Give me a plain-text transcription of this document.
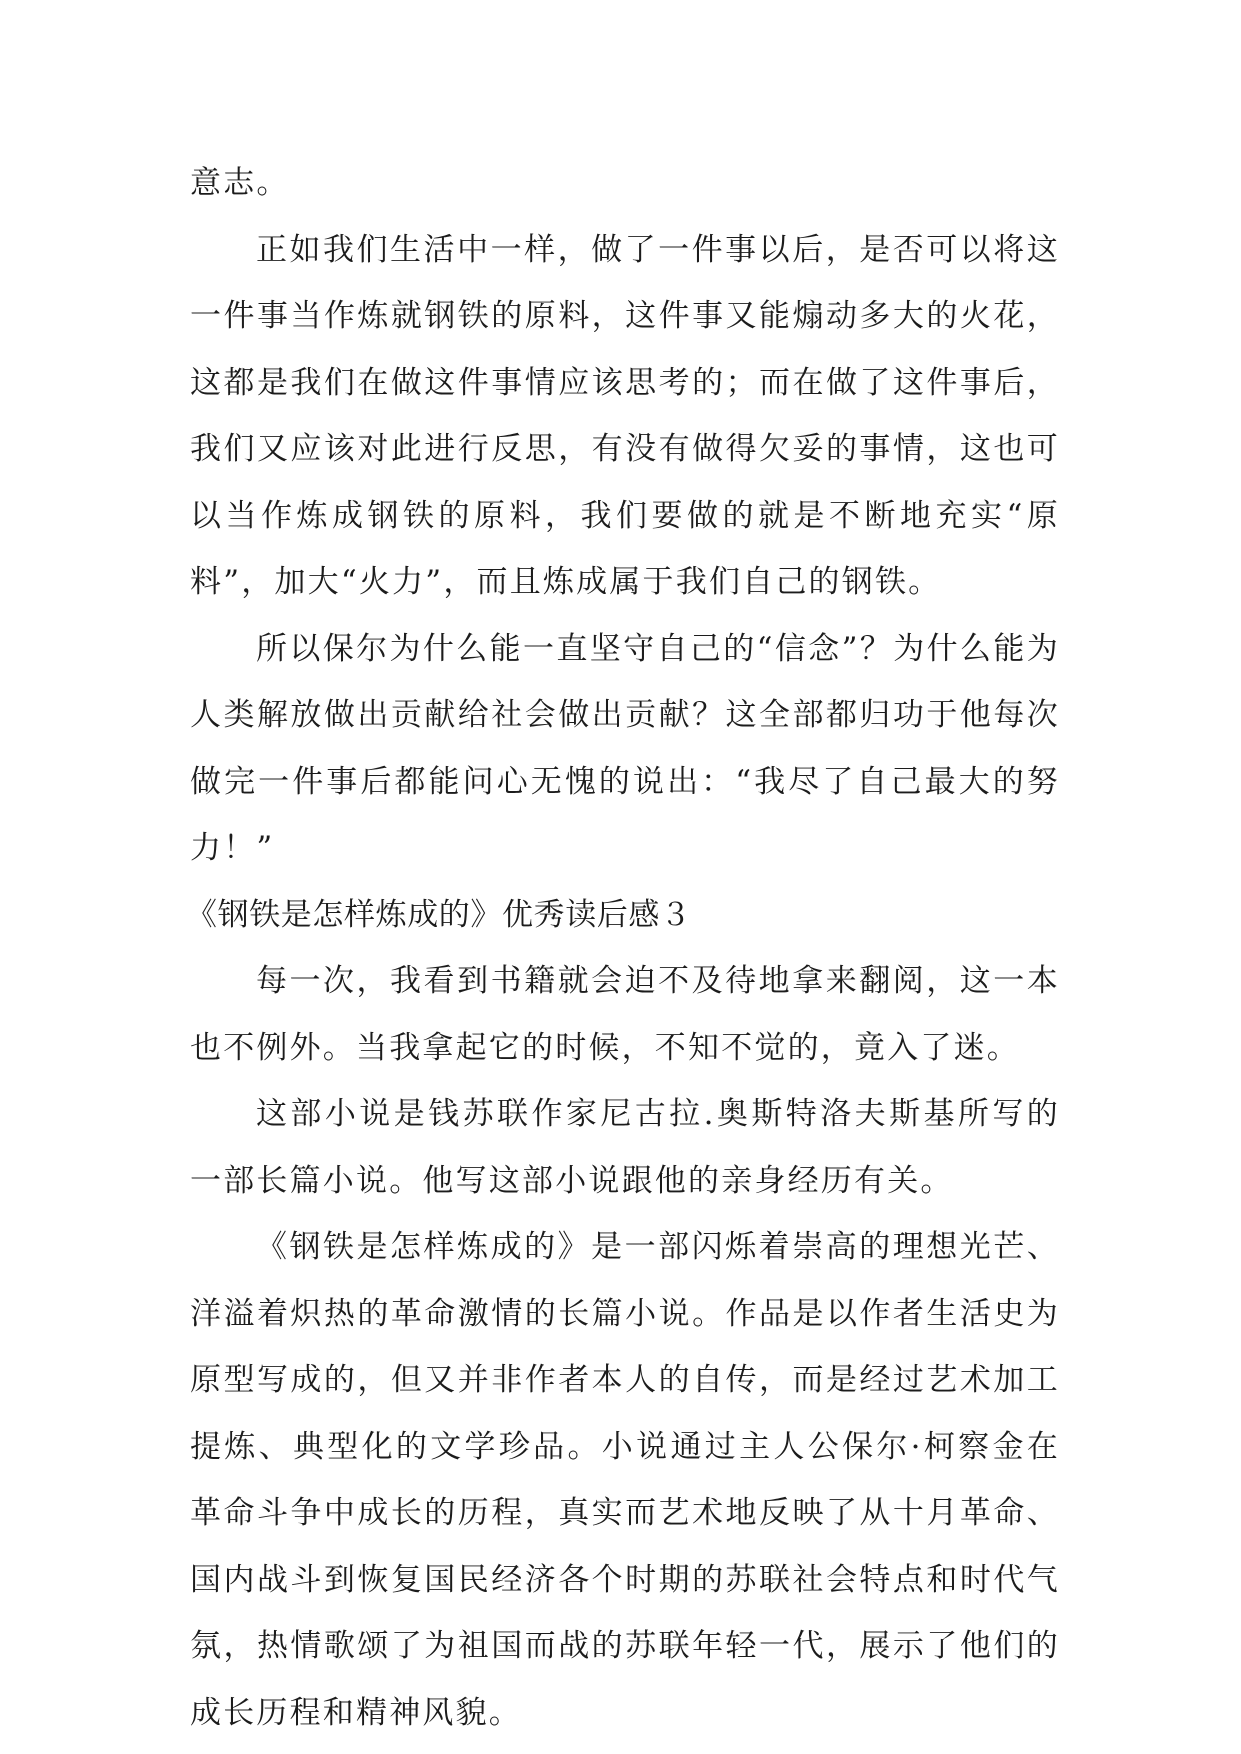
意志。

正如我们生活中一样，做了一件事以后，是否可以将这一件事当作炼就钢铁的原料，这件事又能煽动多大的火花，这都是我们在做这件事情应该思考的；而在做了这件事后，我们又应该对此进行反思，有没有做得欠妥的事情，这也可以当作炼成钢铁的原料，我们要做的就是不断地充实“原料”，加大“火力”，而且炼成属于我们自己的钢铁。

所以保尔为什么能一直坚守自己的“信念”？为什么能为人类解放做出贡献给社会做出贡献？这全部都归功于他每次做完一件事后都能问心无愧的说出：“我尽了自己最大的努力！”

《钢铁是怎样炼成的》优秀读后感３

每一次，我看到书籍就会迫不及待地拿来翻阅，这一本也不例外。当我拿起它的时候，不知不觉的，竟入了迷。

这部小说是钱苏联作家尼古拉.奥斯特洛夫斯基所写的一部长篇小说。他写这部小说跟他的亲身经历有关。

《钢铁是怎样炼成的》是一部闪烁着崇高的理想光芒、洋溢着炽热的革命激情的长篇小说。作品是以作者生活史为原型写成的，但又并非作者本人的自传，而是经过艺术加工提炼、典型化的文学珍品。小说通过主人公保尔·柯察金在革命斗争中成长的历程，真实而艺术地反映了从十月革命、国内战斗到恢复国民经济各个时期的苏联社会特点和时代气氛，热情歌颂了为祖国而战的苏联年轻一代，展示了他们的成长历程和精神风貌。
